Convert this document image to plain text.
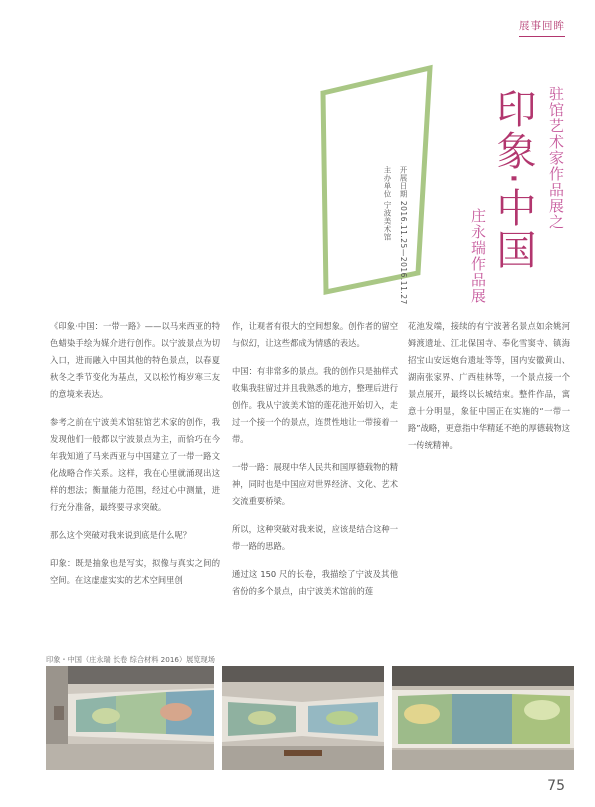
展事回眸
印象·中国 驻馆艺术家作品展之
庄永瑞作品展
开展日期 2016.11.25—2016.11.27
主办单位 宁波美术馆

《印象·中国：一带一路》——以马来西亚的特色蜡染手绘为媒介进行创作。以宁波景点为切入口，进而融入中国其他的特色景点，以春夏秋冬之季节变化为基点，又以松竹梅岁寒三友的意境来表达。

参考之前在宁波美术馆驻馆艺术家的创作，我发现他们一般都以宁波景点为主，而恰巧在今年我知道了马来西亚与中国建立了一带一路文化战略合作关系。这样，我在心里就涌现出这样的想法；衡量能力范围，经过心中测量，进行充分准备，最终要寻求突破。

那么这个突破对我来说到底是什么呢？

印象：既是抽象也是写实，拟像与真实之间的空间。在这虚虚实实的艺术空间里创

作，让观者有很大的空间想象。创作者的留空与似幻，让这些都成为情感的表达。

中国：有非常多的景点。我的创作只是抽样式收集我驻留过并且我熟悉的地方，整理后进行创作。我从宁波美术馆的莲花池开始切入，走过一个接一个的景点，连贯性地让一带接着一带。

一带一路：展现中华人民共和国厚德载物的精神，同时也是中国应对世界经济、文化、艺术交流重要桥梁。

所以，这种突破对我来说，应该是结合这种一带一路的思路。

通过这 150 尺的长卷，我描绘了宁波及其他省份的多个景点，由宁波美术馆前的莲

花池发端，接续的有宁波著名景点如余姚河姆渡遗址、江北保国寺、奉化雪窦寺、镇海招宝山安远炮台遗址等等，国内安徽黄山、湖南张家界、广西桂林等，一个景点接一个景点展开，最终以长城结束。整件作品，寓意十分明显，象征中国正在实施的“一带一路”战略，更意指中华精延不绝的厚德载物这一传统精神。

印象・中国（庄永瑞 长卷 综合材料 2016）展览现场
75
